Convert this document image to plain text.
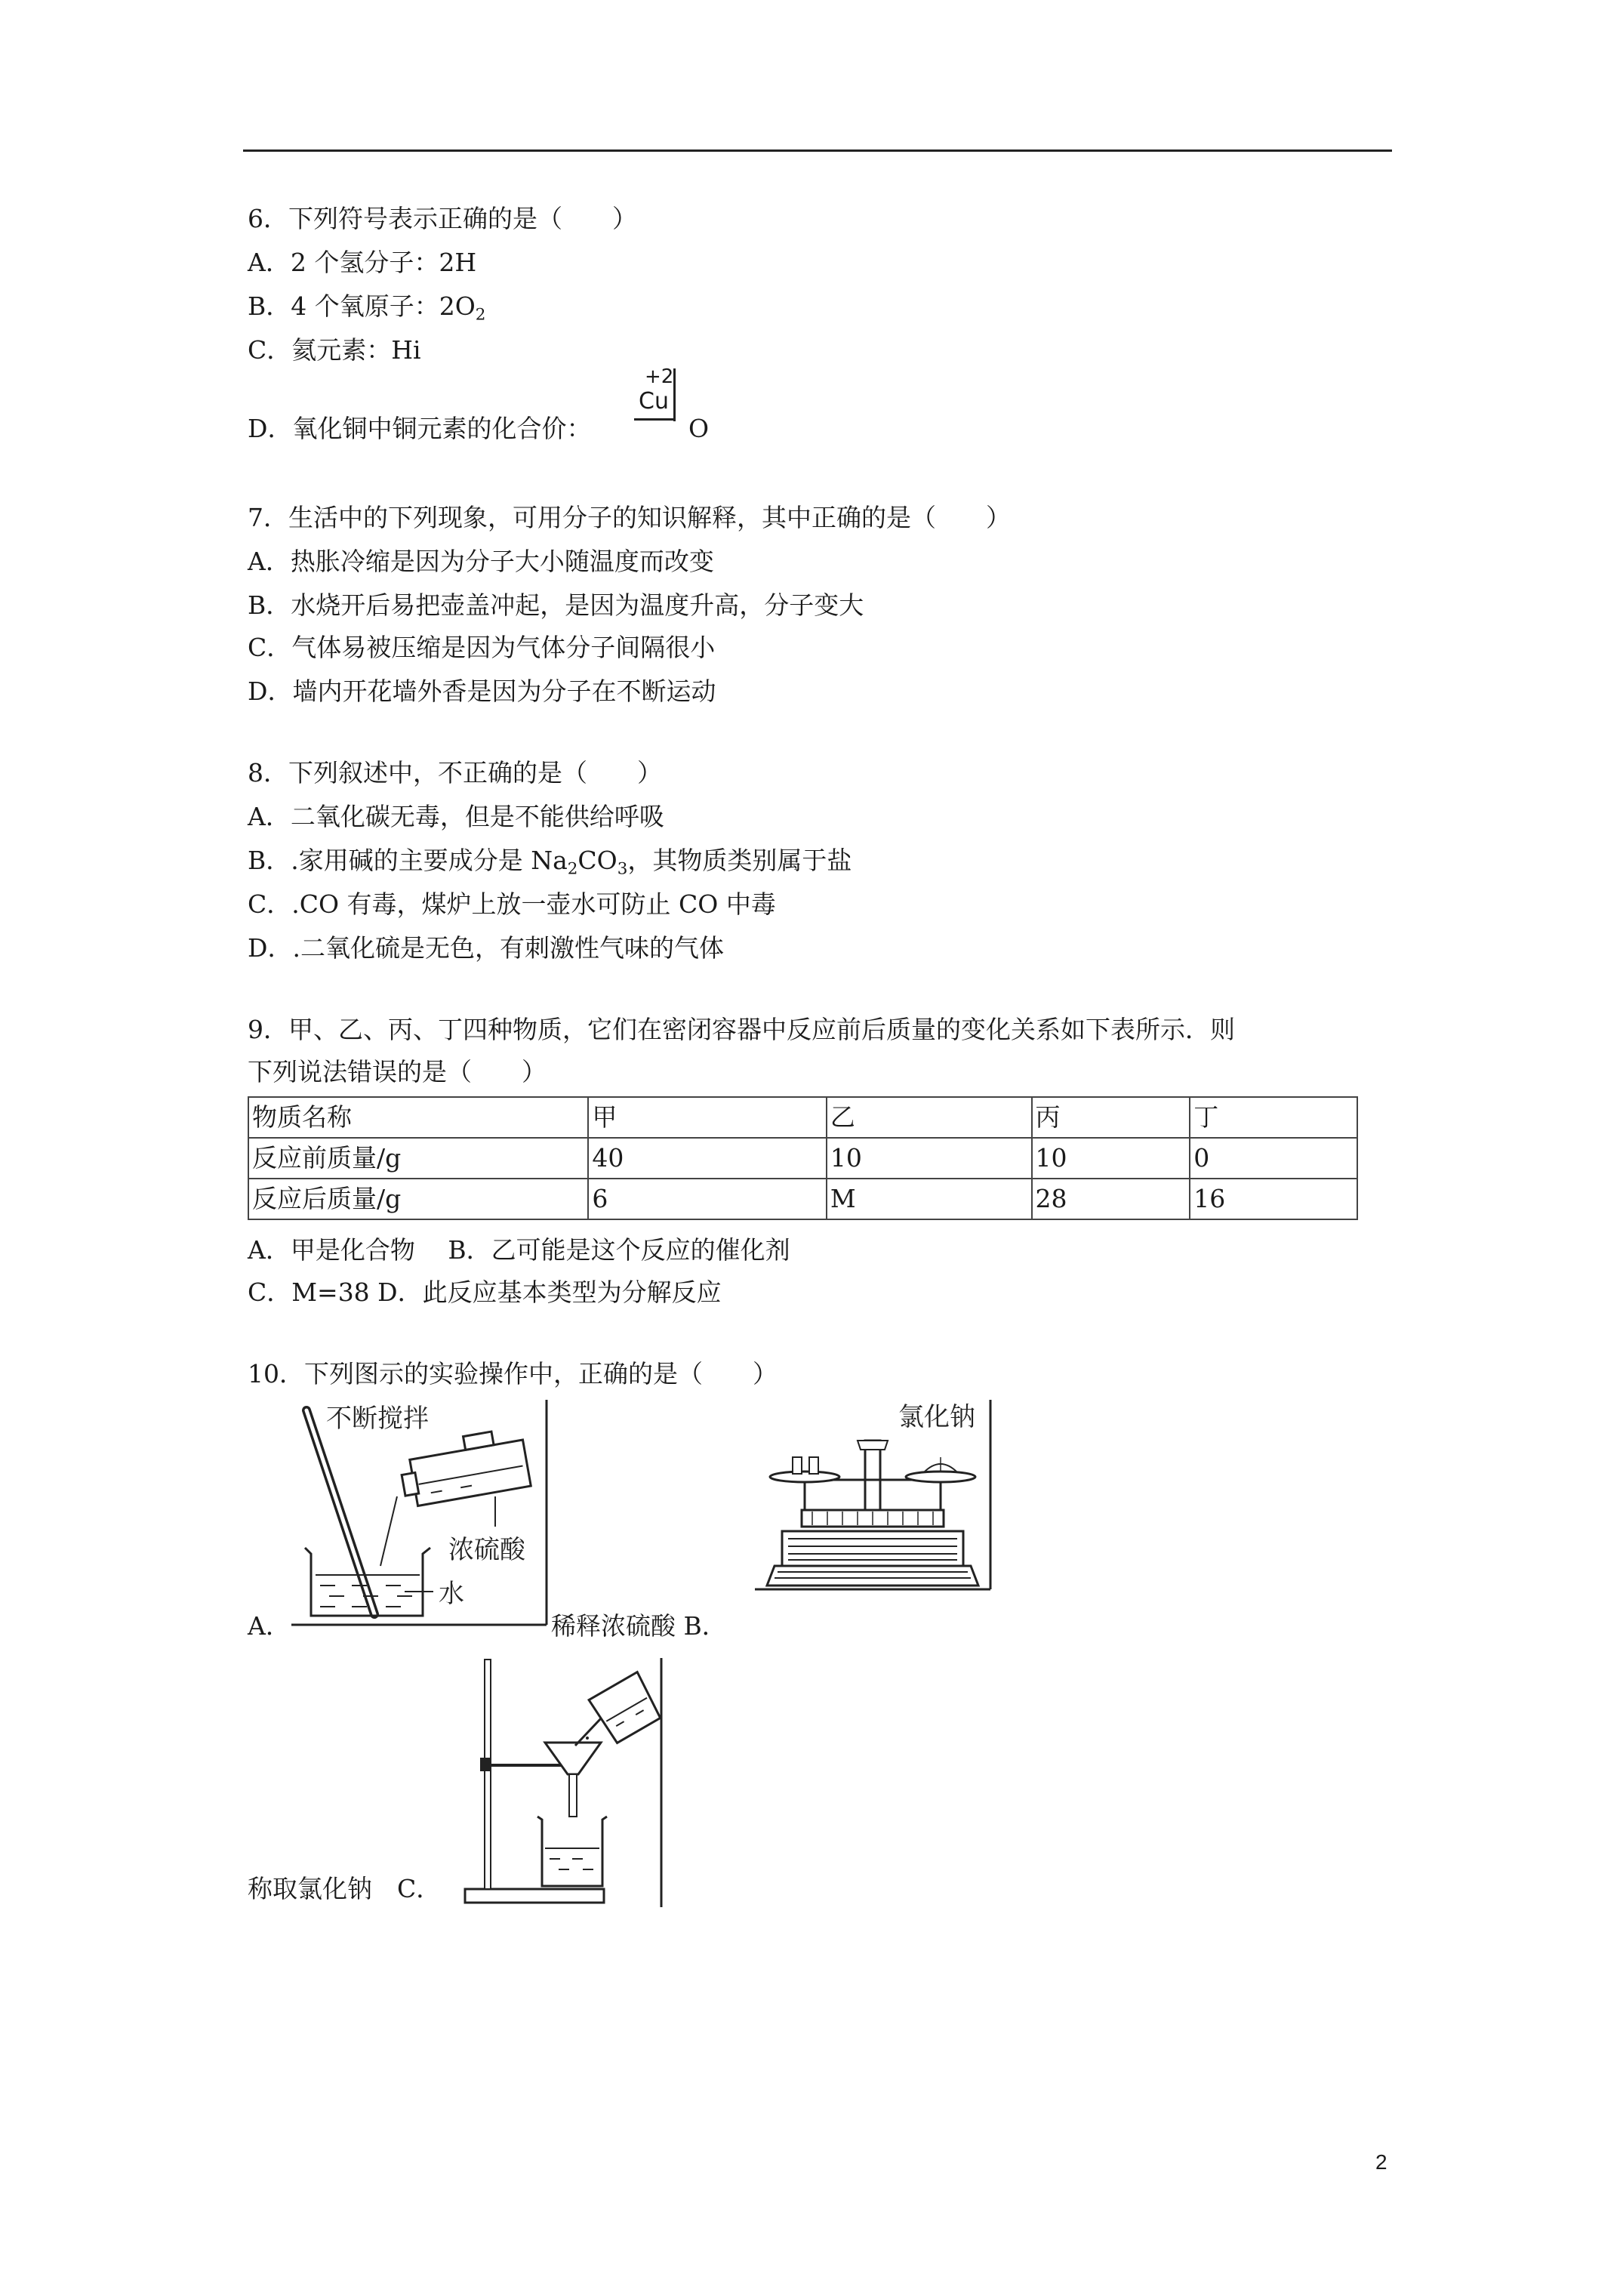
6．下列符号表示正确的是（　　）
A．2 个氢分子：2H
B．4 个氧原子：$2O_2$
C．氦元素：Hi
D．氧化铜中铜元素的化合价：
+2
Cu
O
7．生活中的下列现象，可用分子的知识解释，其中正确的是（　　）
A．热胀冷缩是因为分子大小随温度而改变
B．水烧开后易把壶盖冲起，是因为温度升高，分子变大
C．气体易被压缩是因为气体分子间隔很小
D．墙内开花墙外香是因为分子在不断运动
8．下列叙述中，不正确的是（　　）
A．二氧化碳无毒，但是不能供给呼吸
B．.家用碱的主要成分是 $Na_2CO_3$，其物质类别属于盐
C．.CO 有毒，煤炉上放一壶水可防止 CO 中毒
D．.二氧化硫是无色，有刺激性气味的气体
9．甲、乙、丙、丁四种物质，它们在密闭容器中反应前后质量的变化关系如下表所示．则
下列说法错误的是（　　）
物质名称	甲	乙	丙	丁
反应前质量/g	40	10	10	0
反应后质量/g	6	M	28	16
A．甲是化合物　 B．乙可能是这个反应的催化剂
C．M=38 D．此反应基本类型为分解反应
10．下列图示的实验操作中，正确的是（　　）
不断搅拌
浓硫酸
水
A．	稀释浓硫酸 B．
氯化钠
称取氯化钠　C．
2
